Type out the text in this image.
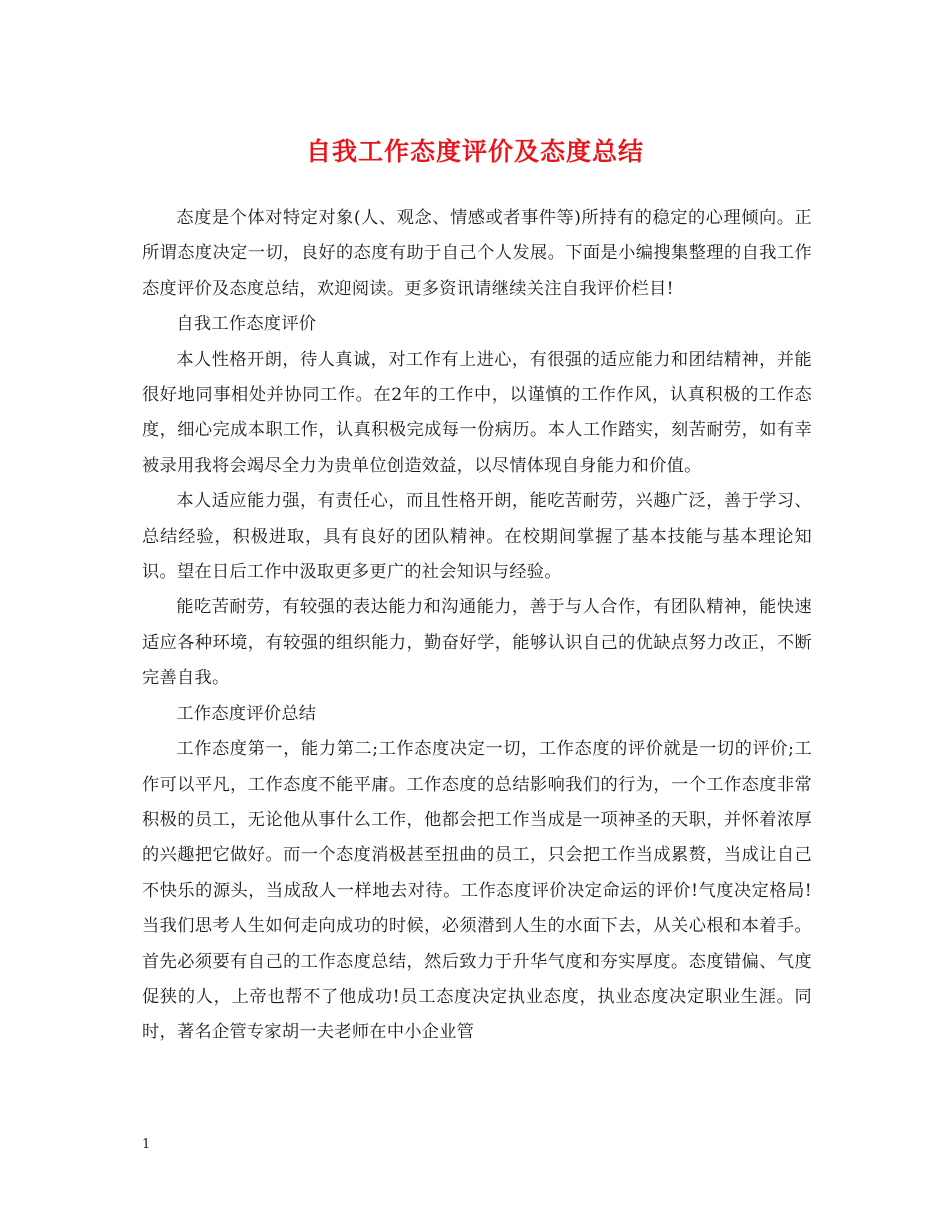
自我工作态度评价及态度总结

态度是个体对特定对象(人、观念、情感或者事件等)所持有的稳定的心理倾向。正所谓态度决定一切，良好的态度有助于自己个人发展。下面是小编搜集整理的自我工作态度评价及态度总结，欢迎阅读。更多资讯请继续关注自我评价栏目!

自我工作态度评价

本人性格开朗，待人真诚，对工作有上进心，有很强的适应能力和团结精神，并能很好地同事相处并协同工作。在2年的工作中，以谨慎的工作作风，认真积极的工作态度，细心完成本职工作，认真积极完成每一份病历。本人工作踏实，刻苦耐劳，如有幸被录用我将会竭尽全力为贵单位创造效益，以尽情体现自身能力和价值。

本人适应能力强，有责任心，而且性格开朗，能吃苦耐劳，兴趣广泛，善于学习、总结经验，积极进取，具有良好的团队精神。在校期间掌握了基本技能与基本理论知识。望在日后工作中汲取更多更广的社会知识与经验。

能吃苦耐劳，有较强的表达能力和沟通能力，善于与人合作，有团队精神，能快速适应各种环境，有较强的组织能力，勤奋好学，能够认识自己的优缺点努力改正，不断完善自我。

工作态度评价总结

工作态度第一，能力第二;工作态度决定一切，工作态度的评价就是一切的评价;工作可以平凡，工作态度不能平庸。工作态度的总结影响我们的行为，一个工作态度非常积极的员工，无论他从事什么工作，他都会把工作当成是一项神圣的天职，并怀着浓厚的兴趣把它做好。而一个态度消极甚至扭曲的员工，只会把工作当成累赘，当成让自己不快乐的源头，当成敌人一样地去对待。工作态度评价决定命运的评价!气度决定格局!当我们思考人生如何走向成功的时候，必须潜到人生的水面下去，从关心根和本着手。首先必须要有自己的工作态度总结，然后致力于升华气度和夯实厚度。态度错偏、气度促狭的人，上帝也帮不了他成功!员工态度决定执业态度，执业态度决定职业生涯。同时，著名企管专家胡一夫老师在中小企业管

1
